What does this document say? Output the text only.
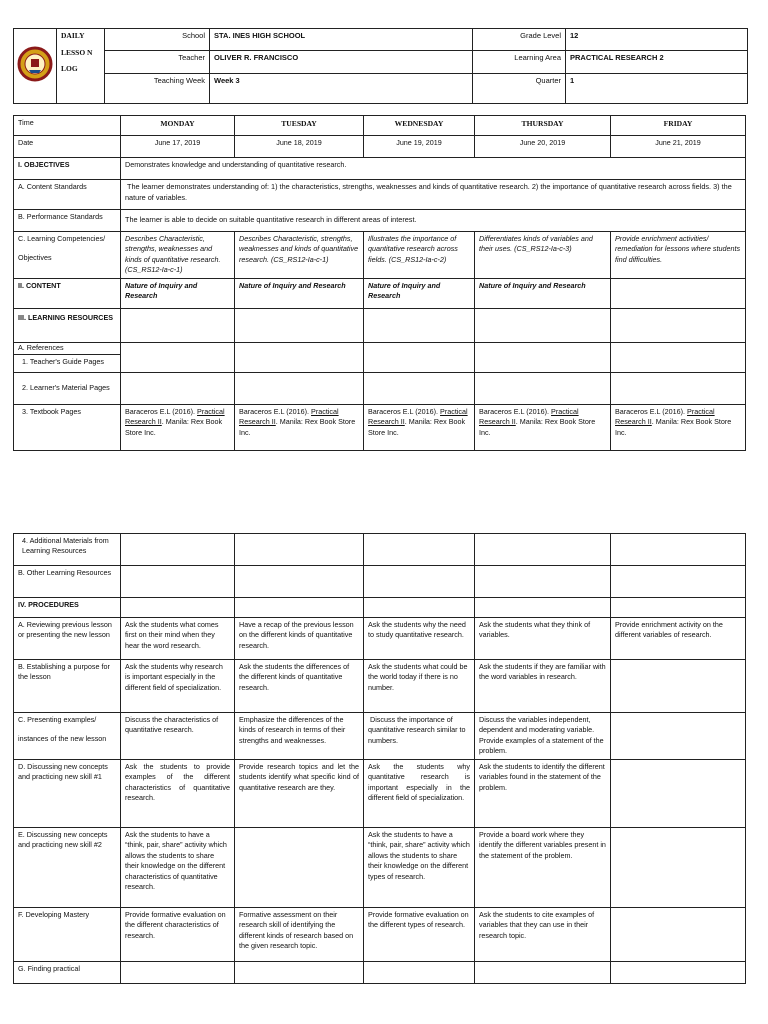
DAILY
LESSO N
LOG	School	STA. INES HIGH SCHOOL	Grade Level	12
		Teacher	OLIVER R. FRANCISCO	Learning Area	PRACTICAL RESEARCH 2
		Teaching Week	Week 3	Quarter	1
Time	MONDAY	TUESDAY	WEDNESDAY	THURSDAY	FRIDAY
Date	June 17, 2019	June 18, 2019	June 19, 2019	June 20, 2019	June 21, 2019
I. OBJECTIVES	Demonstrates knowledge and understanding of quantitative research.				
A. Content Standards	The learner demonstrates understanding of: 1) the characteristics, strengths, weaknesses and kinds of quantitative research. 2) the importance of quantitative research across fields. 3) the  nature of variables.				
B. Performance Standards	The learner is able to decide on suitable quantitative research in different areas of interest.				

C. Learning Competencies/
Objectives	Describes Characteristic, strengths, weaknesses and kinds of quantitative research. (CS_RS12-Ia-c-1)	Describes Characteristic, strengths, weaknesses and kinds of quantitative research. (CS_RS12-Ia-c-1)	Illustrates the importance of quantitative research across fields. (CS_RS12-Ia-c-2)	Differentiates kinds of variables and their uses. (CS_RS12-Ia-c-3)	Provide enrichment activities/ remediation for lessons where students find difficulties.
II. CONTENT	Nature of Inquiry and Research	Nature of Inquiry and Research	Nature of Inquiry and Research	Nature of Inquiry and Research	
III. LEARNING RESOURCES					
A. References					
1. Teacher's Guide Pages					
2. Learner's Material Pages					
3. Textbook Pages	Baraceros E.L (2016). Practical Research II. Manila: Rex Book Store Inc.	Baraceros E.L (2016). Practical Research II. Manila: Rex Book Store Inc.	Baraceros E.L (2016). Practical Research II. Manila: Rex Book Store Inc.	Baraceros E.L (2016). Practical Research II. Manila: Rex Book Store Inc.	Baraceros E.L (2016). Practical Research II. Manila: Rex Book Store Inc.
4. Additional Materials from Learning Resources					
B. Other Learning Resources					
IV. PROCEDURES					
A. Reviewing previous lesson or presenting the new lesson	Ask the students what comes first on their mind when they hear the word research.	Have a recap of the previous lesson on the different kinds of quantitative research.	Ask the students why the need to study quantitative research.	Ask the students what they think of variables.	Provide enrichment activity on the different variables of research.
B. Establishing a purpose for the lesson	Ask the students why research is important especially in the different field of specialization.	Ask the students the differences of the different kinds of quantitative research.	Ask the students what could be the world today if there is no number.	Ask the students if they are familiar with the word variables in research.	

C. Presenting examples/
instances of the new lesson	Discuss the characteristics of quantitative research.	Emphasize the differences of the kinds of research in terms of their strengths and weaknesses.	Discuss the importance of quantitative research similar to numbers.	Discuss the variables independent, dependent and moderating variable. Provide examples of a statement of the problem.	
D. Discussing new concepts and practicing new skill #1	Ask the students to provide examples of the different characteristics of quantitative research.	Provide research topics and let the students identify what specific kind of quantitative research are they.	Ask the students why quantitative research is important especially in the different field of specialization.	Ask the students to identify the different variables found in the statement of the problem.	
E. Discussing new concepts and practicing new skill #2	Ask the students to have a “think, pair, share” activity which allows the students to share their knowledge on the different characteristics of quantitative research.		Ask the students to have a “think, pair, share” activity which allows the students to share their knowledge on the different types of research.	Provide a board work where they identify the different variables present in the statement of the problem.	
F. Developing Mastery	Provide formative evaluation on the different characteristics of research.	Formative assessment on their research skill of identifying the different kinds of research based on the given research topic.	Provide formative evaluation on the different types of research.	Ask the students to cite examples of variables that they can use in their research topic.	
G. Finding practical					
